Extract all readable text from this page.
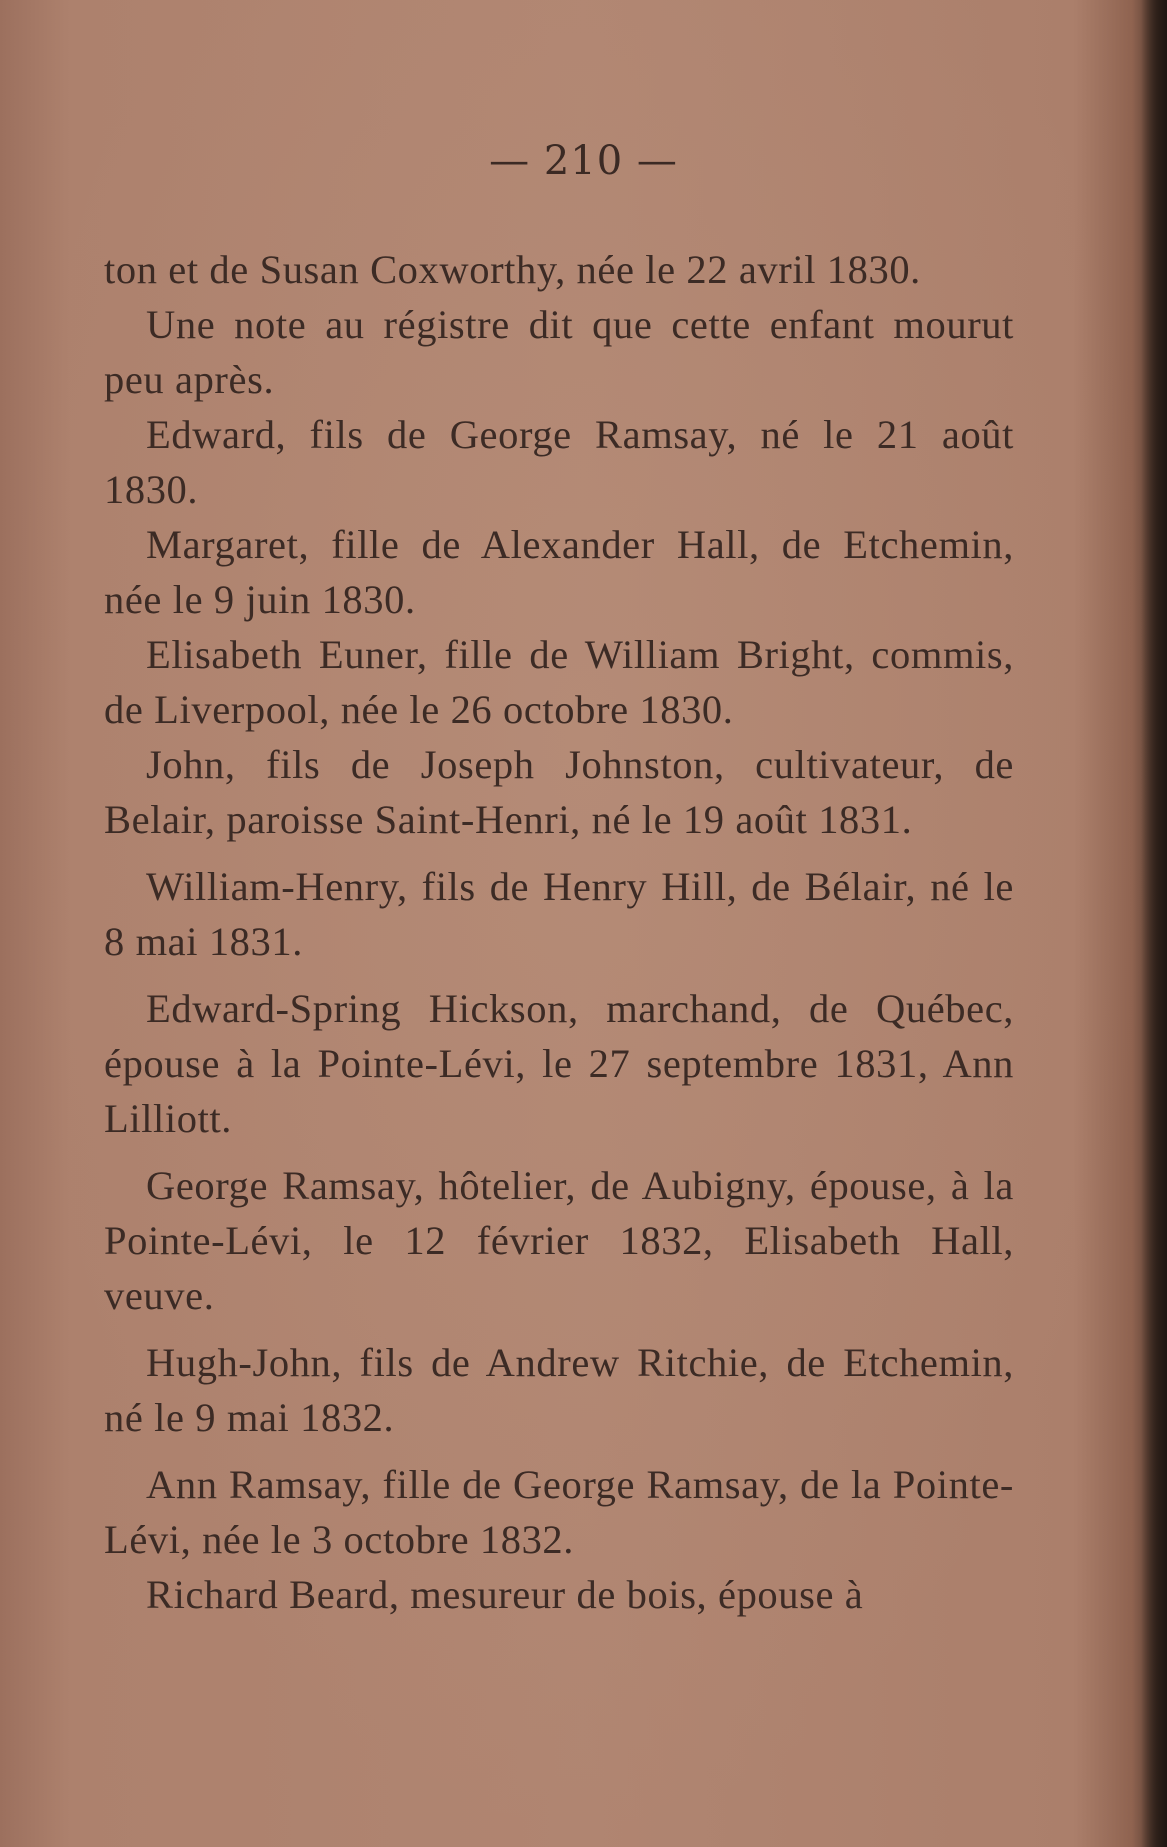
— 210 —

ton et de Susan Coxworthy, née le 22 avril 1830.

Une note au régistre dit que cette enfant mourut peu après.

Edward, fils de George Ramsay, né le 21 août 1830.

Margaret, fille de Alexander Hall, de Etchemin, née le 9 juin 1830.

Elisabeth Euner, fille de William Bright, commis, de Liverpool, née le 26 octobre 1830.

John, fils de Joseph Johnston, cultivateur, de Belair, paroisse Saint-Henri, né le 19 août 1831.

William-Henry, fils de Henry Hill, de Bélair, né le 8 mai 1831.

Edward-Spring Hickson, marchand, de Québec, épouse à la Pointe-Lévi, le 27 septembre 1831, Ann Lilliott.

George Ramsay, hôtelier, de Aubigny, épouse, à la Pointe-Lévi, le 12 février 1832, Elisabeth Hall, veuve.

Hugh-John, fils de Andrew Ritchie, de Etchemin, né le 9 mai 1832.

Ann Ramsay, fille de George Ramsay, de la Pointe-Lévi, née le 3 octobre 1832.

Richard Beard, mesureur de bois, épouse à
